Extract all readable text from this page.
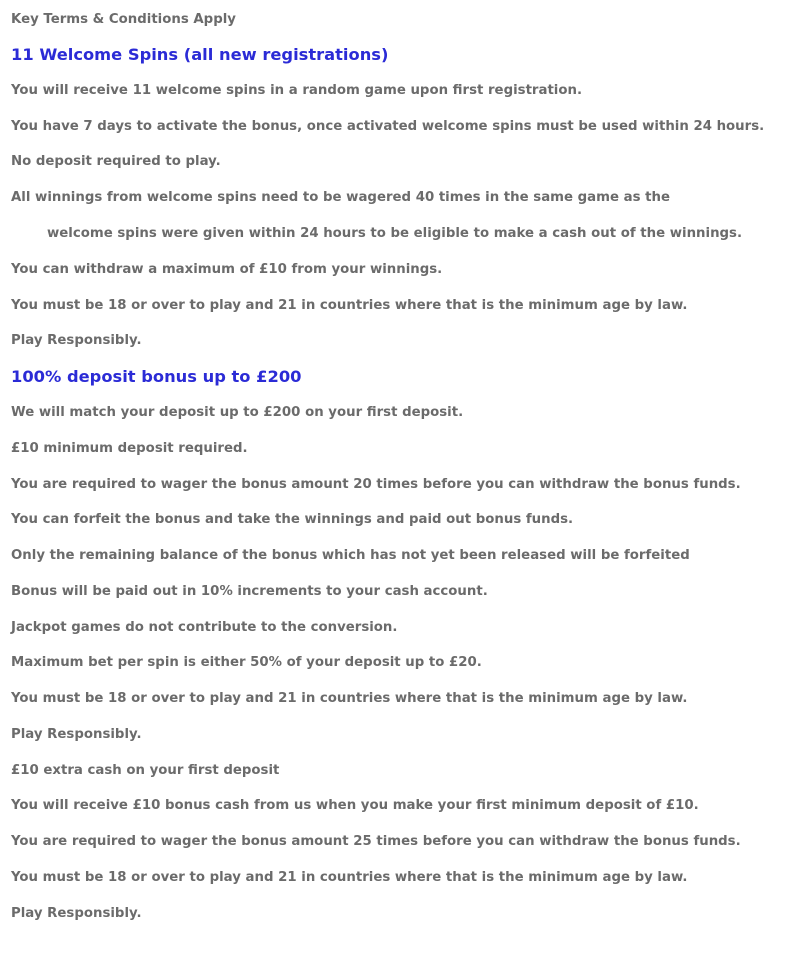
Key Terms & Conditions Apply
11 Welcome Spins (all new registrations)
You will receive 11 welcome spins in a random game upon first registration.
You have 7 days to activate the bonus, once activated welcome spins must be used within 24 hours.
No deposit required to play.
All winnings from welcome spins need to be wagered 40 times in the same game as the
welcome spins were given within 24 hours to be eligible to make a cash out of the winnings.
You can withdraw a maximum of £10 from your winnings.
You must be 18 or over to play and 21 in countries where that is the minimum age by law.
Play Responsibly.
100% deposit bonus up to £200
We will match your deposit up to £200 on your first deposit.
£10 minimum deposit required.
You are required to wager the bonus amount 20 times before you can withdraw the bonus funds.
You can forfeit the bonus and take the winnings and paid out bonus funds.
Only the remaining balance of the bonus which has not yet been released will be forfeited
Bonus will be paid out in 10% increments to your cash account.
Jackpot games do not contribute to the conversion.
Maximum bet per spin is either 50% of your deposit up to £20.
You must be 18 or over to play and 21 in countries where that is the minimum age by law.
Play Responsibly.
£10 extra cash on your first deposit
You will receive £10 bonus cash from us when you make your first minimum deposit of £10.
You are required to wager the bonus amount 25 times before you can withdraw the bonus funds.
You must be 18 or over to play and 21 in countries where that is the minimum age by law.
Play Responsibly.
